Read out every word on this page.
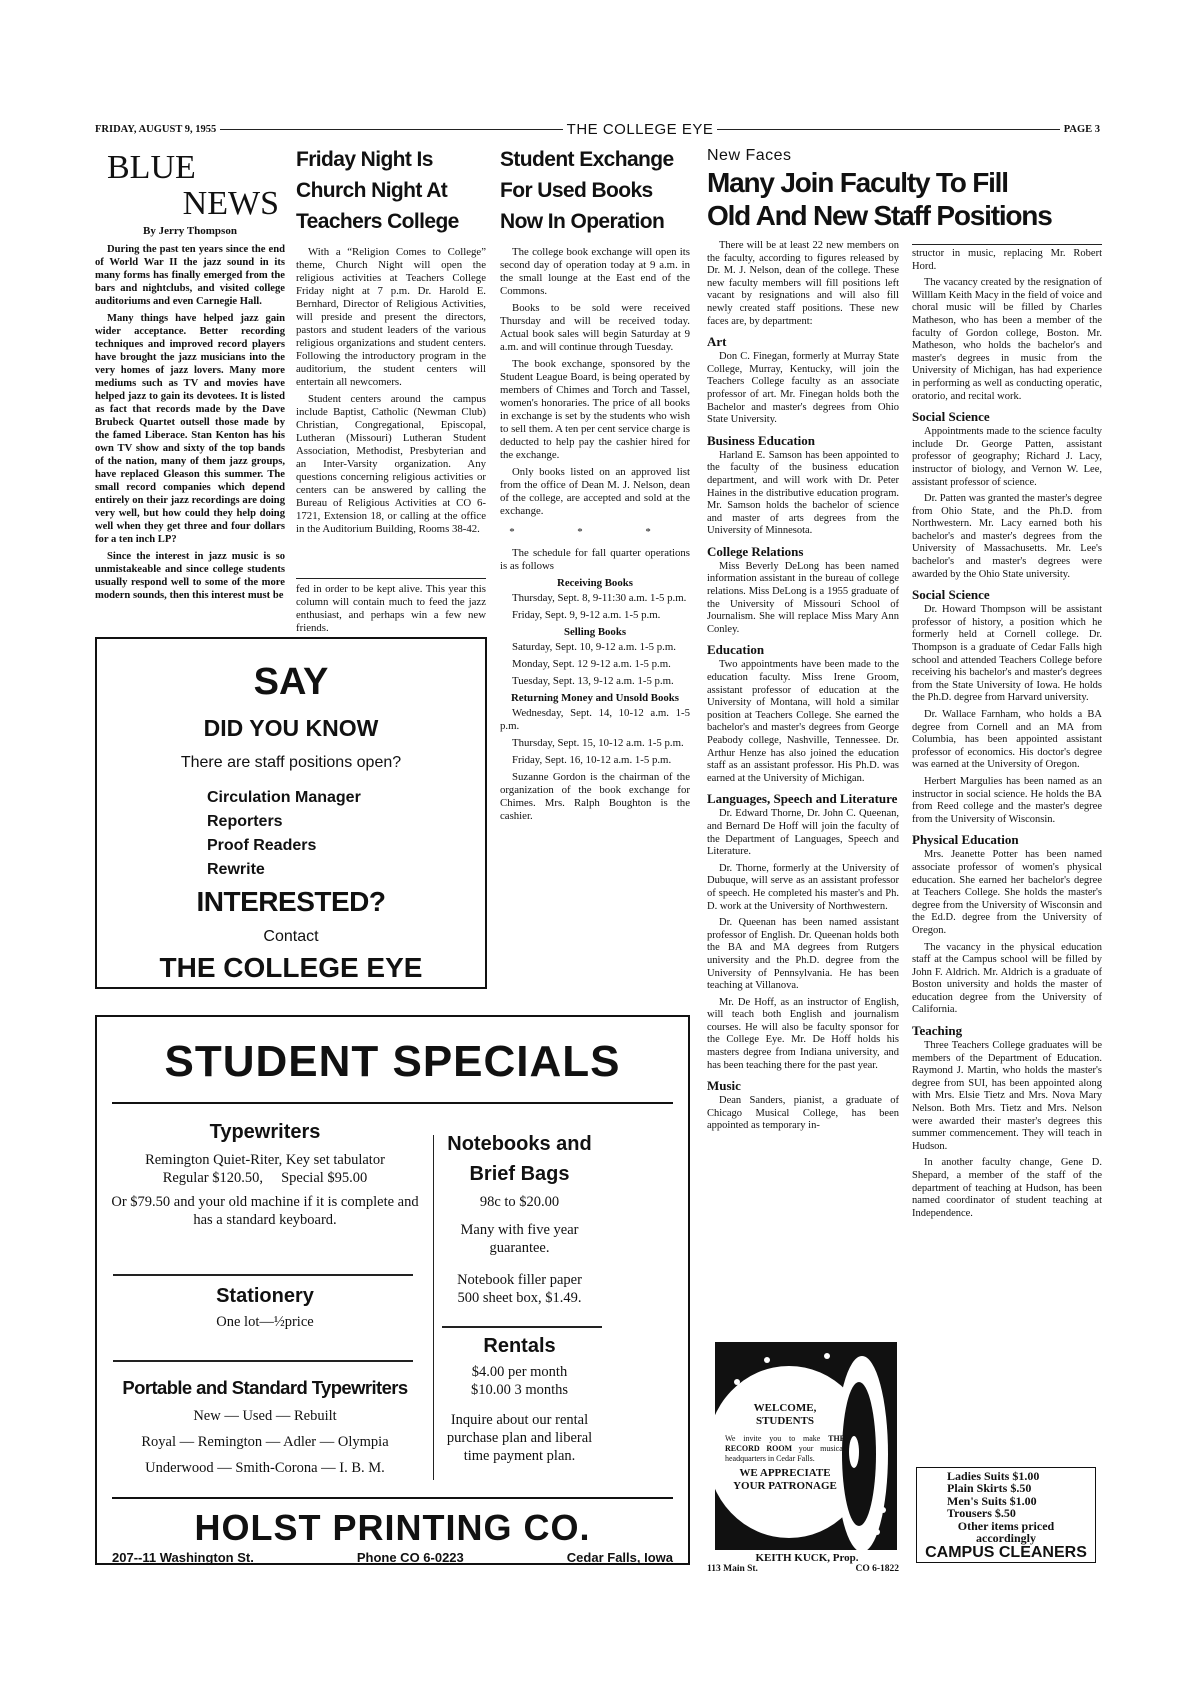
FRIDAY, AUGUST 9, 1955	THE COLLEGE EYE	PAGE 3
BLUE
NEWS
By Jerry Thompson

During the past ten years since the end of World War II the jazz sound in its many forms has finally emerged from the bars and nightclubs, and visited college auditoriums and even Carnegie Hall.

Many things have helped jazz gain wider acceptance. Better recording techniques and improved record players have brought the jazz musicians into the very homes of jazz lovers. Many more mediums such as TV and movies have helped jazz to gain its devotees. It is listed as fact that records made by the Dave Brubeck Quartet outsell those made by the famed Liberace. Stan Kenton has his own TV show and sixty of the top bands of the nation, many of them jazz groups, have replaced Gleason this summer. The small record companies which depend entirely on their jazz recordings are doing very well, but how could they help doing well when they get three and four dollars for a ten inch LP?

Since the interest in jazz music is so unmistakeable and since college students usually respond well to some of the more modern sounds, then this interest must be

Friday Night Is
Church Night At
Teachers College

With a “Religion Comes to College” theme, Church Night will open the religious activities at Teachers College Friday night at 7 p.m. Dr. Harold E. Bernhard, Director of Religious Activities, will preside and present the directors, pastors and student leaders of the various religious organizations and student centers. Following the introductory program in the auditorium, the student centers will entertain all newcomers.

Student centers around the campus include Baptist, Catholic (Newman Club) Christian, Congregational, Episcopal, Lutheran (Missouri) Lutheran Student Association, Methodist, Presbyterian and an Inter-Varsity organization. Any questions concerning religious activities or centers can be answered by calling the Bureau of Religious Activities at CO 6-1721, Extension 18, or calling at the office in the Auditorium Building, Rooms 38-42.

fed in order to be kept alive. This year this column will contain much to feed the jazz enthusiast, and perhaps win a few new friends.

Student Exchange
For Used Books
Now In Operation

The college book exchange will open its second day of operation today at 9 a.m. in the small lounge at the East end of the Commons.

Books to be sold were received Thursday and will be received today. Actual book sales will begin Saturday at 9 a.m. and will continue through Tuesday.

The book exchange, sponsored by the Student League Board, is being operated by members of Chimes and Torch and Tassel, women's honoraries. The price of all books in exchange is set by the students who wish to sell them. A ten per cent service charge is deducted to help pay the cashier hired for the exchange.

Only books listed on an approved list from the office of Dean M. J. Nelson, dean of the college, are accepted and sold at the exchange.

* * *

The schedule for fall quarter operations is as follows

Receiving Books

Thursday, Sept. 8, 9-11:30 a.m. 1-5 p.m.

Friday, Sept. 9, 9-12 a.m. 1-5 p.m.

Selling Books

Saturday, Sept. 10, 9-12 a.m. 1-5 p.m.

Monday, Sept. 12 9-12 a.m. 1-5 p.m.

Tuesday, Sept. 13, 9-12 a.m. 1-5 p.m.

Returning Money and Unsold Books

Wednesday, Sept. 14, 10-12 a.m. 1-5 p.m.

Thursday, Sept. 15, 10-12 a.m. 1-5 p.m.

Friday, Sept. 16, 10-12 a.m. 1-5 p.m.

Suzanne Gordon is the chairman of the organization of the book exchange for Chimes. Mrs. Ralph Boughton is the cashier.

New Faces
Many Join Faculty To Fill
Old And New Staff Positions

There will be at least 22 new members on the faculty, according to figures released by Dr. M. J. Nelson, dean of the college. These new faculty members will fill positions left vacant by resignations and will also fill newly created staff positions. These new faces are, by department:

Art

Don C. Finegan, formerly at Murray State College, Murray, Kentucky, will join the Teachers College faculty as an associate professor of art. Mr. Finegan holds both the Bachelor and master's degrees from Ohio State University.

Business Education

Harland E. Samson has been appointed to the faculty of the business education department, and will work with Dr. Peter Haines in the distributive education program. Mr. Samson holds the bachelor of science and master of arts degrees from the University of Minnesota.

College Relations

Miss Beverly DeLong has been named information assistant in the bureau of college relations. Miss DeLong is a 1955 graduate of the University of Missouri School of Journalism. She will replace Miss Mary Ann Conley.

Education

Two appointments have been made to the education faculty. Miss Irene Groom, assistant professor of education at the University of Montana, will hold a similar position at Teachers College. She earned the bachelor's and master's degrees from George Peabody college, Nashville, Tennessee. Dr. Arthur Henze has also joined the education staff as an assistant professor. His Ph.D. was earned at the University of Michigan.

Languages, Speech and Literature

Dr. Edward Thorne, Dr. John C. Queenan, and Bernard De Hoff will join the faculty of the Department of Languages, Speech and Literature.

Dr. Thorne, formerly at the University of Dubuque, will serve as an assistant professor of speech. He completed his master's and Ph. D. work at the University of Northwestern.

Dr. Queenan has been named assistant professor of English. Dr. Queenan holds both the BA and MA degrees from Rutgers university and the Ph.D. degree from the University of Pennsylvania. He has been teaching at Villanova.

Mr. De Hoff, as an instructor of English, will teach both English and journalism courses. He will also be faculty sponsor for the College Eye. Mr. De Hoff holds his masters degree from Indiana university, and has been teaching there for the past year.

Music

Dean Sanders, pianist, a graduate of Chicago Musical College, has been appointed as temporary in-

structor in music, replacing Mr. Robert Hord.

The vacancy created by the resignation of Willlam Keith Macy in the field of voice and choral music will be filled by Charles Matheson, who has been a member of the faculty of Gordon college, Boston. Mr. Matheson, who holds the bachelor's and master's degrees in music from the University of Michigan, has had experience in performing as well as conducting operatic, oratorio, and recital work.

Social Science

Appointments made to the science faculty include Dr. George Patten, assistant professor of geography; Richard J. Lacy, instructor of biology, and Vernon W. Lee, assistant professor of science.

Dr. Patten was granted the master's degree from Ohio State, and the Ph.D. from Northwestern. Mr. Lacy earned both his bachelor's and master's degrees from the University of Massachusetts. Mr. Lee's bachelor's and master's degrees were awarded by the Ohio State university.

Social Science

Dr. Howard Thompson will be assistant professor of history, a position which he formerly held at Cornell college. Dr. Thompson is a graduate of Cedar Falls high school and attended Teachers College before receiving his bachelor's and master's degrees from the State University of Iowa. He holds the Ph.D. degree from Harvard university.

Dr. Wallace Farnham, who holds a BA degree from Cornell and an MA from Columbia, has been appointed assistant professor of economics. His doctor's degree was earned at the University of Oregon.

Herbert Margulies has been named as an instructor in social science. He holds the BA from Reed college and the master's degree from the University of Wisconsin.

Physical Education

Mrs. Jeanette Potter has been named associate professor of women's physical education. She earned her bachelor's degree at Teachers College. She holds the master's degree from the University of Wisconsin and the Ed.D. degree from the University of Oregon.

The vacancy in the physical education staff at the Campus school will be filled by John F. Aldrich. Mr. Aldrich is a graduate of Boston university and holds the master of education degree from the University of California.

Teaching

Three Teachers College graduates will be members of the Department of Education. Raymond J. Martin, who holds the master's degree from SUI, has been appointed along with Mrs. Elsie Tietz and Mrs. Nova Mary Nelson. Both Mrs. Tietz and Mrs. Nelson were awarded their master's degrees this summer commencement. They will teach in Hudson.

In another faculty change, Gene D. Shepard, a member of the staff of the department of teaching at Hudson, has been named coordinator of student teaching at Independence.

SAY
DID YOU KNOW
There are staff positions open?
Circulation Manager
Reporters
Proof Readers
Rewrite
INTERESTED?
Contact
THE COLLEGE EYE
STUDENT SPECIALS
Typewriters
Remington Quiet-Riter, Key set tabulator
Regular $120.50, Special $95.00
Or $79.50 and your old machine if it is complete and has a standard keyboard.
Stationery
One lot—½price
Portable and Standard Typewriters
New — Used — Rebuilt
Royal — Remington — Adler — Olympia
Underwood — Smith-Corona — I. B. M.
Notebooks and
Brief Bags
98c to $20.00
Many with five year guarantee.
Notebook filler paper 500 sheet box, $1.49.
Rentals
$4.00 per month
$10.00 3 months
Inquire about our rental purchase plan and liberal time payment plan.
HOLST PRINTING CO.
207--11 Washington St.	Phone CO 6-0223	Cedar Falls, Iowa
WELCOME, STUDENTS
We invite you to make THE RECORD ROOM your musical headquarters in Cedar Falls.
WE APPRECIATE YOUR PATRONAGE
KEITH KUCK, Prop.
113 Main St.	CO 6-1822
Ladies Suits $1.00
Plain Skirts $.50
Men's Suits $1.00
Trousers $.50
Other items priced accordingly
CAMPUS CLEANERS
